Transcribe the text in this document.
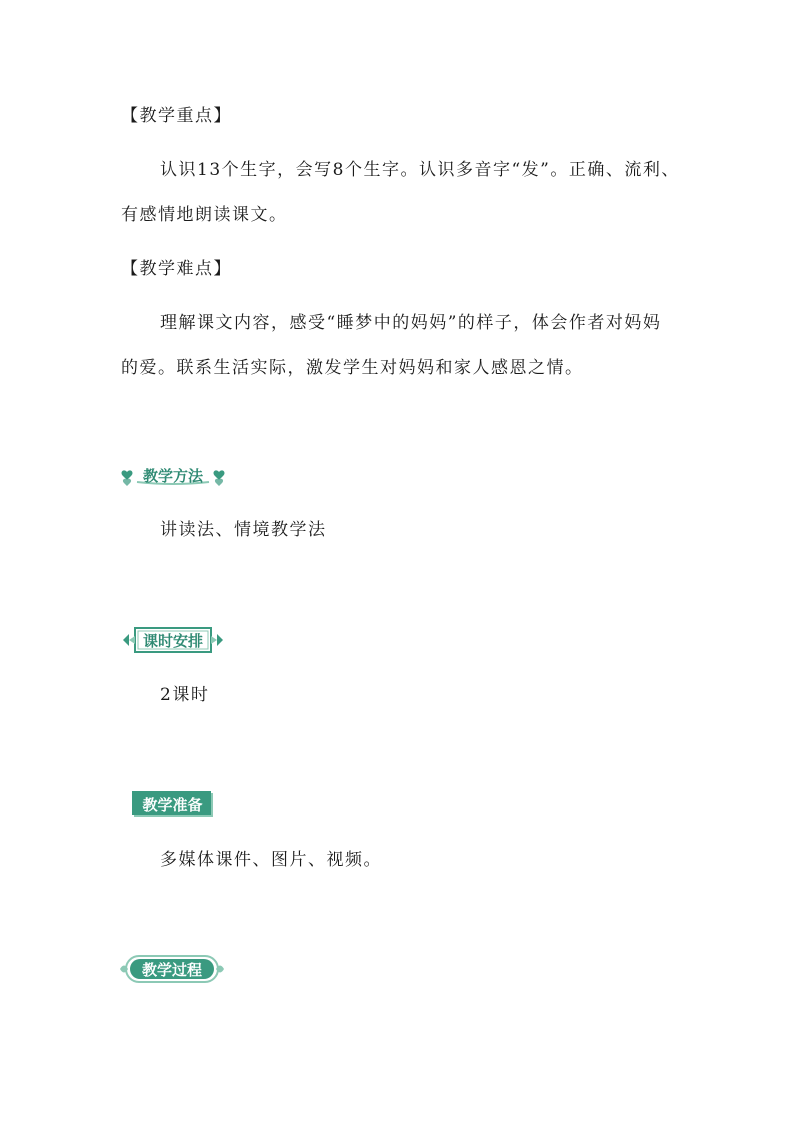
【教学重点】
认识13个生字，会写8个生字。认识多音字“发”。正确、流利、
有感情地朗读课文。
【教学难点】
理解课文内容，感受“睡梦中的妈妈”的样子，体会作者对妈妈
的爱。联系生活实际，激发学生对妈妈和家人感恩之情。
教学方法
讲读法、情境教学法
课时安排
2课时
教学准备
多媒体课件、图片、视频。
教学过程
